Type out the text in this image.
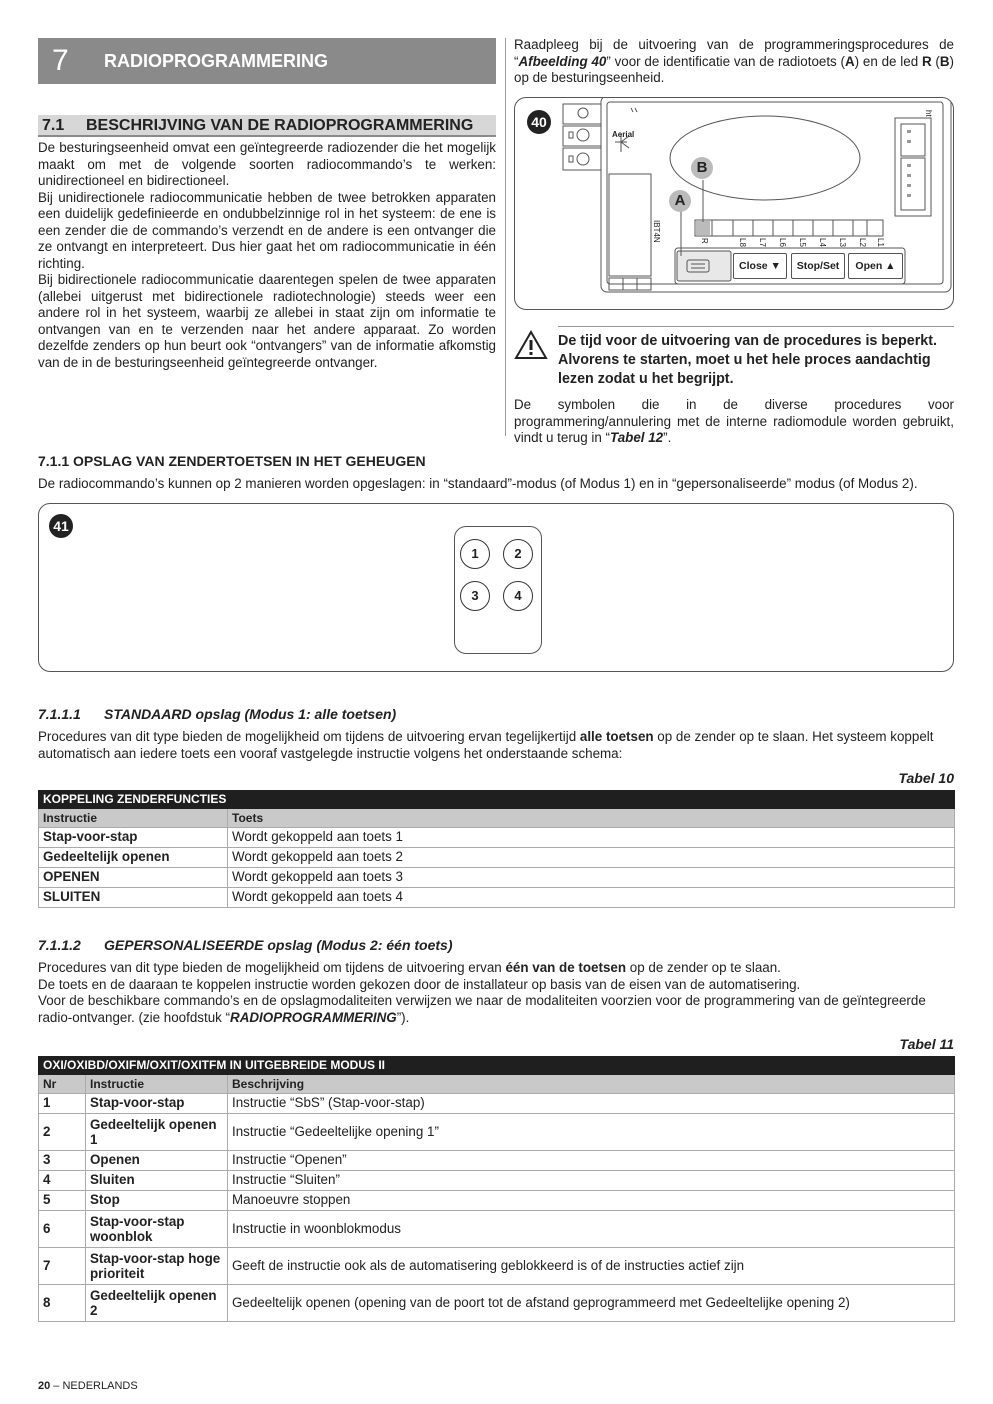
7 RADIOPROGRAMMERING
7.1 BESCHRIJVING VAN DE RADIOPROGRAMMERING

De besturingseenheid omvat een geïntegreerde radiozender die het mogelijk maakt om met de volgende soorten radiocommando’s te werken: unidirectioneel en bidirectioneel.

Bij unidirectionele radiocommunicatie hebben de twee betrokken apparaten een duidelijk gedefinieerde en ondubbelzinnige rol in het systeem: de ene is een zender die de commando’s verzendt en de andere is een ontvanger die ze ontvangt en interpreteert. Dus hier gaat het om radiocommunicatie in één richting.

Bij bidirectionele radiocommunicatie daarentegen spelen de twee apparaten (allebei uitgerust met bidirectionele radiotechnologie) steeds weer een andere rol in het systeem, waarbij ze allebei in staat zijn om informatie te ontvangen van en te verzenden naar het andere apparaat. Zo worden dezelfde zenders op hun beurt ook “ontvangers” van de informatie afkomstig van de in de besturingseenheid geïntegreerde ontvanger.

Raadpleeg bij de uitvoering van de programmeringsprocedures de “Afbeelding 40” voor de identificatie van de radiotoets (A) en de led R (B) op de besturingseenheid.
40
Aerial
IBT4N
ht
A
B
R	L8 L7 L6 L5 L4 L3 L2 L1
Close ▼	Stop/Set	Open ▲
De tijd voor de uitvoering van de procedures is beperkt. Alvorens te starten, moet u het hele proces aandachtig lezen zodat u het begrijpt.
De symbolen die in de diverse procedures voor programmering/annulering met de interne radiomodule worden gebruikt, vindt u terug in “Tabel 12”.
7.1.1 OPSLAG VAN ZENDERTOETSEN IN HET GEHEUGEN
De radiocommando’s kunnen op 2 manieren worden opgeslagen: in “standaard”-modus (of Modus 1) en in “gepersonaliseerde” modus (of Modus 2).
41
1	2
3	4
7.1.1.1 STANDAARD opslag (Modus 1: alle toetsen)
Procedures van dit type bieden de mogelijkheid om tijdens de uitvoering ervan tegelijkertijd alle toetsen op de zender op te slaan. Het systeem koppelt automatisch aan iedere toets een vooraf vastgelegde instructie volgens het onderstaande schema:
Tabel 10
KOPPELING ZENDERFUNCTIES	
Instructie	Toets
Stap-voor-stap	Wordt gekoppeld aan toets 1
Gedeeltelijk openen	Wordt gekoppeld aan toets 2
OPENEN	Wordt gekoppeld aan toets 3
SLUITEN	Wordt gekoppeld aan toets 4
7.1.1.2 GEPERSONALISEERDE opslag (Modus 2: één toets)
Procedures van dit type bieden de mogelijkheid om tijdens de uitvoering ervan één van de toetsen op de zender op te slaan.
De toets en de daaraan te koppelen instructie worden gekozen door de installateur op basis van de eisen van de automatisering.
Voor de beschikbare commando’s en de opslagmodaliteiten verwijzen we naar de modaliteiten voorzien voor de programmering van de geïntegreerde radio-ontvanger. (zie hoofdstuk “RADIOPROGRAMMERING”).
Tabel 11
OXI/OXIBD/OXIFM/OXIT/OXITFM IN UITGEBREIDE MODUS II		
Nr	Instructie	Beschrijving
1	Stap-voor-stap	Instructie “SbS” (Stap-voor-stap)
2	Gedeeltelijk openen 1	Instructie “Gedeeltelijke opening 1”
3	Openen	Instructie “Openen”
4	Sluiten	Instructie “Sluiten”
5	Stop	Manoeuvre stoppen
6	Stap-voor-stap woonblok	Instructie in woonblokmodus
7	Stap-voor-stap hoge prioriteit	Geeft de instructie ook als de automatisering geblokkeerd is of de instructies actief zijn
8	Gedeeltelijk openen 2	Gedeeltelijk openen (opening van de poort tot de afstand geprogrammeerd met Gedeeltelijke opening 2)
20 – NEDERLANDS
